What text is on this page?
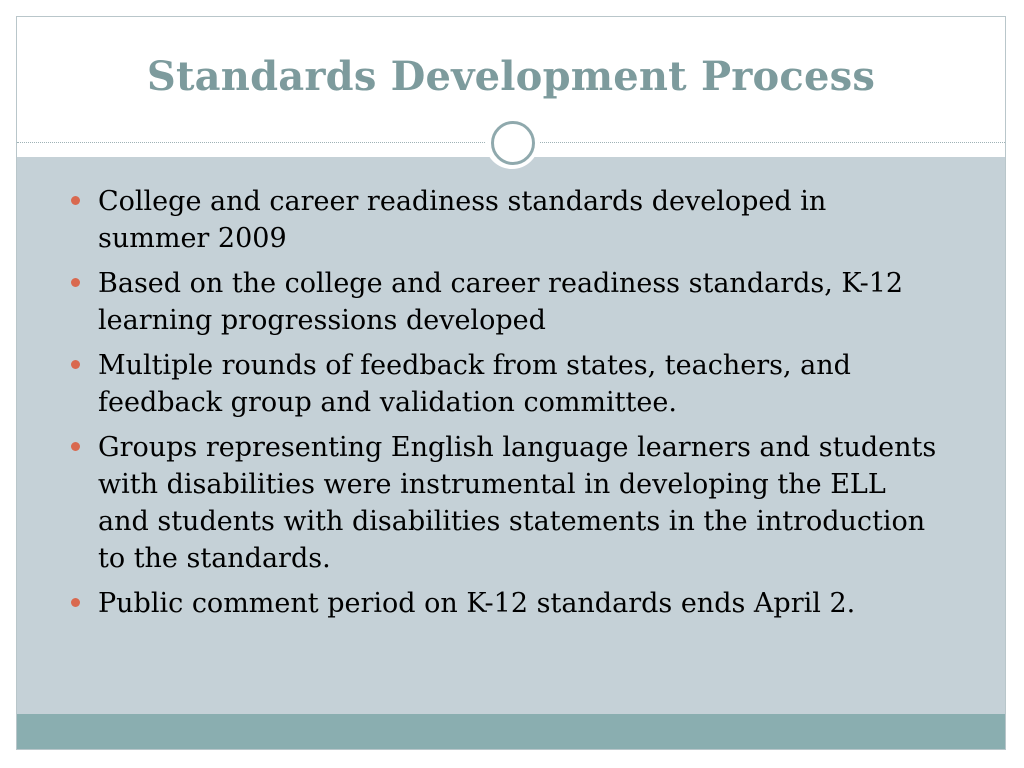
Standards Development Process
College and career readiness standards developed in summer 2009
Based on the college and career readiness standards, K-12 learning progressions developed
Multiple rounds of feedback from states, teachers, and feedback group and validation committee.
Groups representing English language learners and students with disabilities were instrumental in developing the ELL and students with disabilities statements in the introduction to the standards.
Public comment period on K-12 standards ends April 2.
